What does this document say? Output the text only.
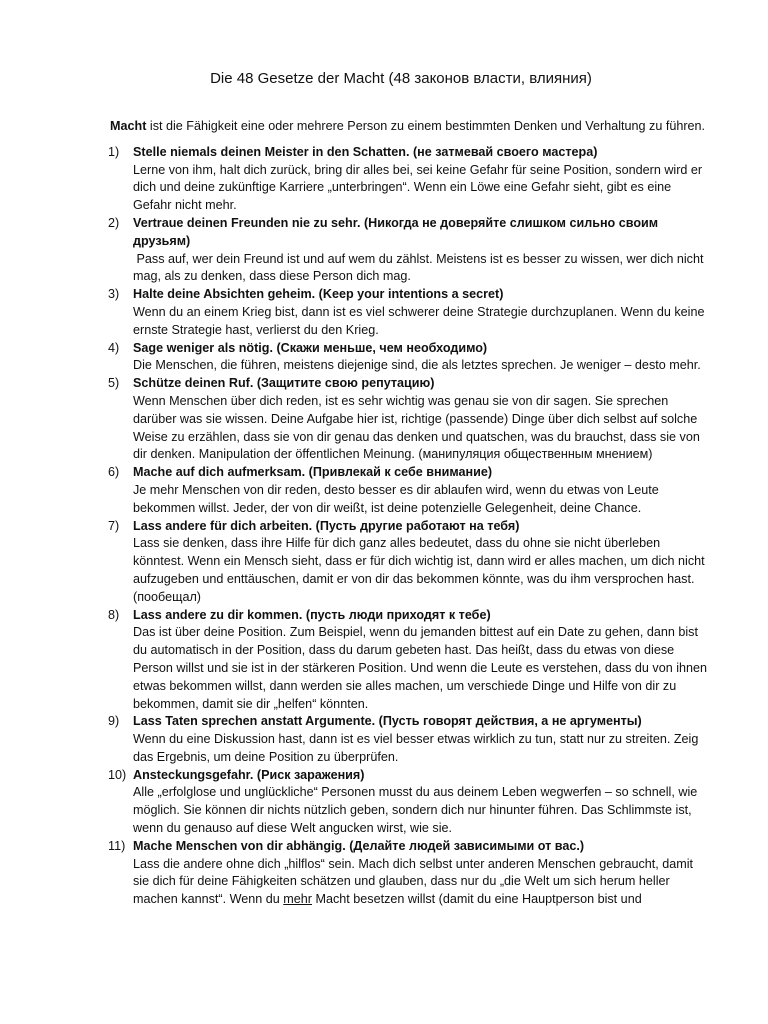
Die 48 Gesetze der Macht (48 законов власти, влияния)

Macht ist die Fähigkeit eine oder mehrere Person zu einem bestimmten Denken und Verhaltung zu führen.

1) Stelle niemals deinen Meister in den Schatten. (не затмевай своего мастера)
Lerne von ihm, halt dich zurück, bring dir alles bei, sei keine Gefahr für seine Position, sondern wird er dich und deine zukünftige Karriere „unterbringen“. Wenn ein Löwe eine Gefahr sieht, gibt es eine Gefahr nicht mehr.
2) Vertraue deinen Freunden nie zu sehr. (Никогда не доверяйте слишком сильно своим друзьям)
Pass auf, wer dein Freund ist und auf wem du zählst. Meistens ist es besser zu wissen, wer dich nicht mag, als zu denken, dass diese Person dich mag.
3) Halte deine Absichten geheim. (Keep your intentions a secret)
Wenn du an einem Krieg bist, dann ist es viel schwerer deine Strategie durchzuplanen. Wenn du keine ernste Strategie hast, verlierst du den Krieg.
4) Sage weniger als nötig. (Скажи меньше, чем необходимо)
Die Menschen, die führen, meistens diejenige sind, die als letztes sprechen. Je weniger – desto mehr.
5) Schütze deinen Ruf. (Защитите свою репутацию)
Wenn Menschen über dich reden, ist es sehr wichtig was genau sie von dir sagen. Sie sprechen darüber was sie wissen. Deine Aufgabe hier ist, richtige (passende) Dinge über dich selbst auf solche Weise zu erzählen, dass sie von dir genau das denken und quatschen, was du brauchst, dass sie von dir denken. Manipulation der öffentlichen Meinung. (манипуляция общественным мнением)
6) Mache auf dich aufmerksam. (Привлекай к себе внимание)
Je mehr Menschen von dir reden, desto besser es dir ablaufen wird, wenn du etwas von Leute bekommen willst. Jeder, der von dir weißt, ist deine potenzielle Gelegenheit, deine Chance.
7) Lass andere für dich arbeiten. (Пусть другие работают на тебя)
Lass sie denken, dass ihre Hilfe für dich ganz alles bedeutet, dass du ohne sie nicht überleben könntest. Wenn ein Mensch sieht, dass er für dich wichtig ist, dann wird er alles machen, um dich nicht aufzugeben und enttäuschen, damit er von dir das bekommen könnte, was du ihm versprochen hast. (пообещал)
8) Lass andere zu dir kommen. (пусть люди приходят к тебе)
Das ist über deine Position. Zum Beispiel, wenn du jemanden bittest auf ein Date zu gehen, dann bist du automatisch in der Position, dass du darum gebeten hast. Das heißt, dass du etwas von diese Person willst und sie ist in der stärkeren Position. Und wenn die Leute es verstehen, dass du von ihnen etwas bekommen willst, dann werden sie alles machen, um verschiede Dinge und Hilfe von dir zu bekommen, damit sie dir „helfen“ könnten.
9) Lass Taten sprechen anstatt Argumente. (Пусть говорят действия, а не аргументы)
Wenn du eine Diskussion hast, dann ist es viel besser etwas wirklich zu tun, statt nur zu streiten. Zeig das Ergebnis, um deine Position zu überprüfen.
10) Ansteckungsgefahr. (Риск заражения)
Alle „erfolglose und unglückliche“ Personen musst du aus deinem Leben wegwerfen – so schnell, wie möglich. Sie können dir nichts nützlich geben, sondern dich nur hinunter führen. Das Schlimmste ist, wenn du genauso auf diese Welt angucken wirst, wie sie.
11) Mache Menschen von dir abhängig. (Делайте людей зависимыми от вас.)
Lass die andere ohne dich „hilflos“ sein. Mach dich selbst unter anderen Menschen gebraucht, damit sie dich für deine Fähigkeiten schätzen und glauben, dass nur du „die Welt um sich herum heller machen kannst“. Wenn du mehr Macht besetzen willst (damit du eine Hauptperson bist und
